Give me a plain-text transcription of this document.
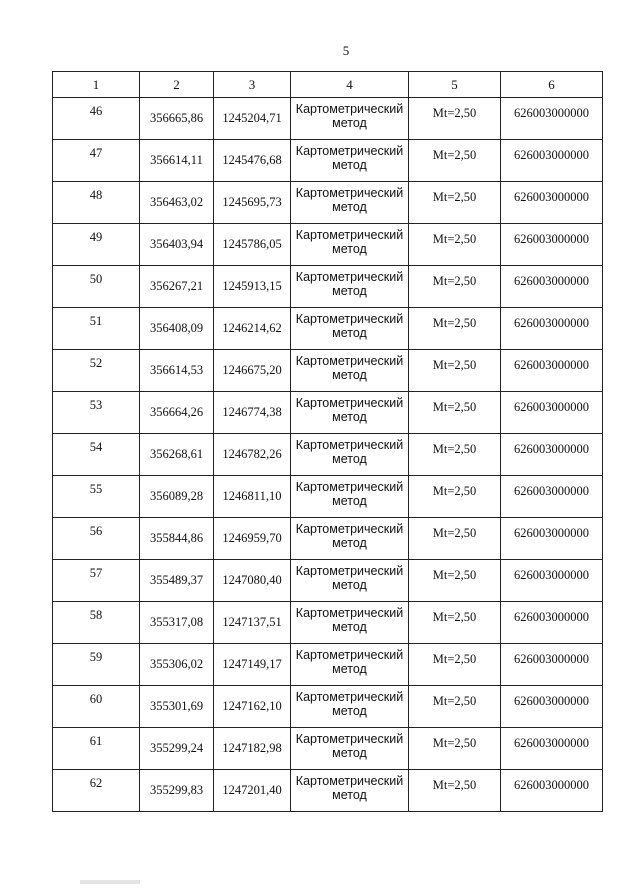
5
1	2	3	4	5	6
46	356665,86	1245204,71	Картометрический метод	Mt=2,50	626003000000
47	356614,11	1245476,68	Картометрический метод	Mt=2,50	626003000000
48	356463,02	1245695,73	Картометрический метод	Mt=2,50	626003000000
49	356403,94	1245786,05	Картометрический метод	Mt=2,50	626003000000
50	356267,21	1245913,15	Картометрический метод	Mt=2,50	626003000000
51	356408,09	1246214,62	Картометрический метод	Mt=2,50	626003000000
52	356614,53	1246675,20	Картометрический метод	Mt=2,50	626003000000
53	356664,26	1246774,38	Картометрический метод	Mt=2,50	626003000000
54	356268,61	1246782,26	Картометрический метод	Mt=2,50	626003000000
55	356089,28	1246811,10	Картометрический метод	Mt=2,50	626003000000
56	355844,86	1246959,70	Картометрический метод	Mt=2,50	626003000000
57	355489,37	1247080,40	Картометрический метод	Mt=2,50	626003000000
58	355317,08	1247137,51	Картометрический метод	Mt=2,50	626003000000
59	355306,02	1247149,17	Картометрический метод	Mt=2,50	626003000000
60	355301,69	1247162,10	Картометрический метод	Mt=2,50	626003000000
61	355299,24	1247182,98	Картометрический метод	Mt=2,50	626003000000
62	355299,83	1247201,40	Картометрический метод	Mt=2,50	626003000000
